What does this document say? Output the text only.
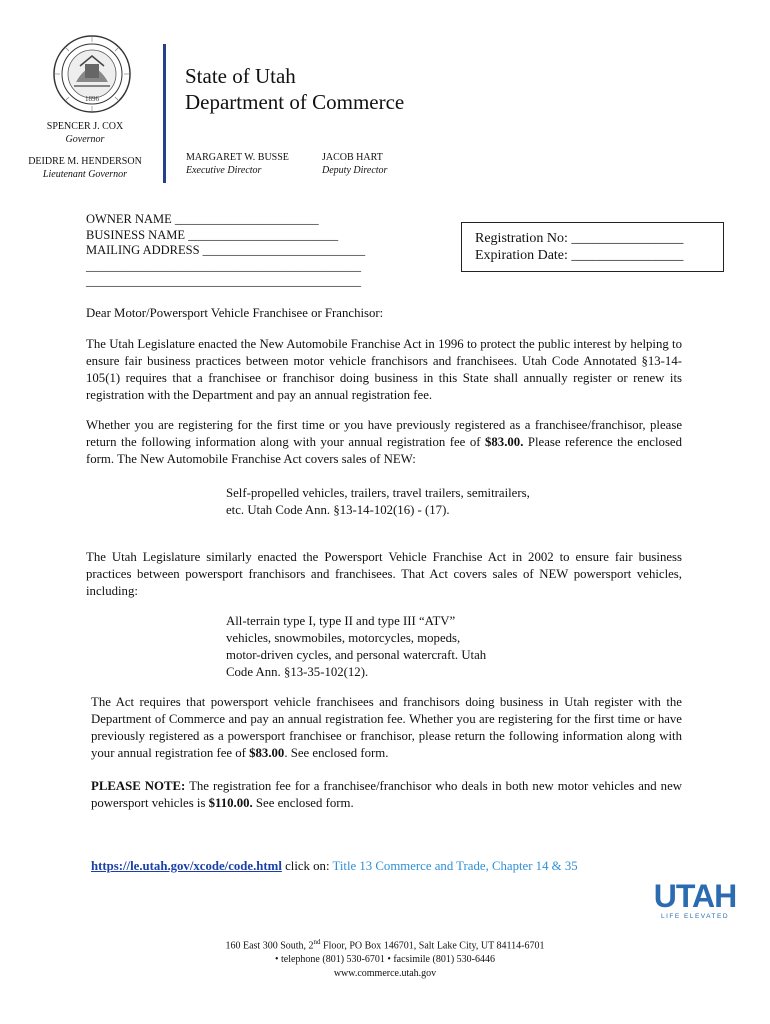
1896
State of Utah
Department of Commerce
SPENCER J. COX
Governor
DEIDRE M. HENDERSON
Lieutenant Governor
MARGARET W. BUSSE
Executive Director
JACOB HART
Deputy Director
OWNER NAME _______________________
BUSINESS NAME ________________________
MAILING ADDRESS __________________________
____________________________________________
____________________________________________
Registration No: ________________
Expiration Date: ________________
Dear Motor/Powersport Vehicle Franchisee or Franchisor:
The Utah Legislature enacted the New Automobile Franchise Act in 1996 to protect the public interest by helping to ensure fair business practices between motor vehicle franchisors and franchisees. Utah Code Annotated §13-14-105(1) requires that a franchisee or franchisor doing business in this State shall annually register or renew its registration with the Department and pay an annual registration fee.
Whether you are registering for the first time or you have previously registered as a franchisee/franchisor, please return the following information along with your annual registration fee of $83.00. Please reference the enclosed form. The New Automobile Franchise Act covers sales of NEW:
Self-propelled vehicles, trailers, travel trailers, semitrailers,
etc. Utah Code Ann. §13-14-102(16) - (17).
The Utah Legislature similarly enacted the Powersport Vehicle Franchise Act in 2002 to ensure fair business practices between powersport franchisors and franchisees. That Act covers sales of NEW powersport vehicles, including:
All-terrain type I, type II and type III “ATV”
vehicles, snowmobiles, motorcycles, mopeds,
motor-driven cycles, and personal watercraft. Utah
Code Ann. §13-35-102(12).
The Act requires that powersport vehicle franchisees and franchisors doing business in Utah register with the Department of Commerce and pay an annual registration fee. Whether you are registering for the first time or have previously registered as a powersport franchisee or franchisor, please return the following information along with your annual registration fee of $83.00. See enclosed form.
PLEASE NOTE: The registration fee for a franchisee/franchisor who deals in both new motor vehicles and new powersport vehicles is $110.00. See enclosed form.
https://le.utah.gov/xcode/code.html click on: Title 13 Commerce and Trade, Chapter 14 & 35
UTAH
LIFE ELEVATED
160 East 300 South, 2nd Floor, PO Box 146701, Salt Lake City, UT 84114-6701
• telephone (801) 530-6701 • facsimile (801) 530-6446
www.commerce.utah.gov
